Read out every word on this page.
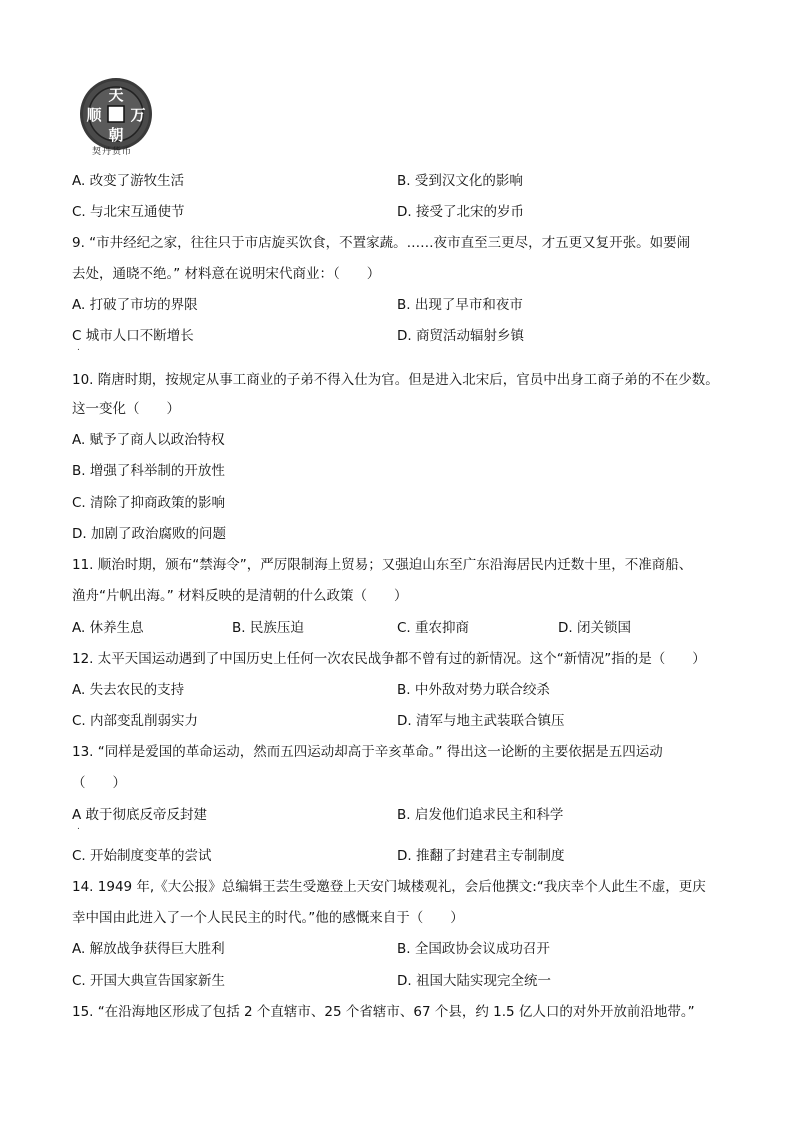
天
朝
万
顺
契丹货币
A. 改变了游牧生活	B. 受到汉文化的影响
C. 与北宋互通使节	D. 接受了北宋的岁币
9. “市井经纪之家，往往只于市店旋买饮食，不置家蔬。……夜市直至三更尽，才五更又复开张。如要闹
去处，通晓不绝。” 材料意在说明宋代商业：（　　）
A. 打破了市坊的界限	B. 出现了早市和夜市
C 城市人口不断增长	D. 商贸活动辐射乡镇
.
10. 隋唐时期，按规定从事工商业的子弟不得入仕为官。但是进入北宋后，官员中出身工商子弟的不在少数。
这一变化（　　）
A. 赋予了商人以政治特权
B. 增强了科举制的开放性
C. 清除了抑商政策的影响
D. 加剧了政治腐败的问题
11. 顺治时期，颁布“禁海令”，严厉限制海上贸易；又强迫山东至广东沿海居民内迁数十里，不准商船、
渔舟“片帆出海。” 材料反映的是清朝的什么政策（　　）
A. 休养生息	B. 民族压迫	C. 重农抑商	D. 闭关锁国
12. 太平天国运动遇到了中国历史上任何一次农民战争都不曾有过的新情况。这个“新情况”指的是（　　）
A. 失去农民的支持	B. 中外敌对势力联合绞杀
C. 内部变乱削弱实力	D. 清军与地主武装联合镇压
13. “同样是爱国的革命运动，然而五四运动却高于辛亥革命。” 得出这一论断的主要依据是五四运动
（　　）
A 敢于彻底反帝反封建	B. 启发他们追求民主和科学
.
C. 开始制度变革的尝试	D. 推翻了封建君主专制制度
14. 1949 年,《大公报》总编辑王芸生受邀登上天安门城楼观礼，会后他撰文:“我庆幸个人此生不虚，更庆
幸中国由此进入了一个人民民主的时代。”他的感慨来自于（　　）
A. 解放战争获得巨大胜利	B. 全国政协会议成功召开
C. 开国大典宣告国家新生	D. 祖国大陆实现完全统一
15. “在沿海地区形成了包括 2 个直辖市、25 个省辖市、67 个县，约 1.5 亿人口的对外开放前沿地带。”
